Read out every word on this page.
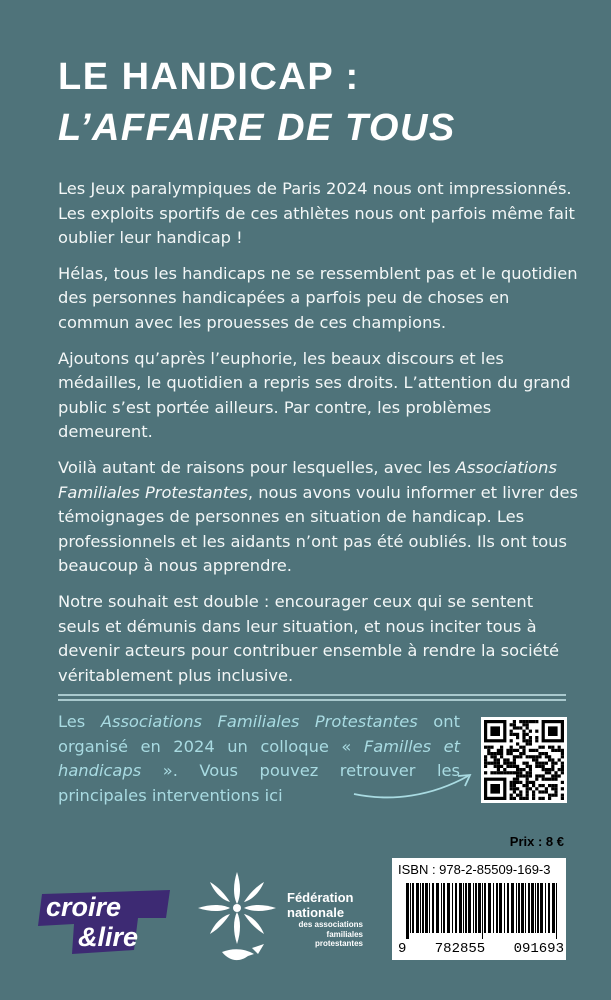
LE HANDICAP :
L’AFFAIRE DE TOUS

Les Jeux paralympiques de Paris 2024 nous ont impressionnés. Les exploits sportifs de ces athlètes nous ont parfois même fait oublier leur handicap !

Hélas, tous les handicaps ne se ressemblent pas et le quotidien des personnes handicapées a parfois peu de choses en commun avec les prouesses de ces champions.

Ajoutons qu’après l’euphorie, les beaux discours et les médailles, le quotidien a repris ses droits. L’attention du grand public s’est portée ailleurs. Par contre, les problèmes demeurent.

Voilà autant de raisons pour lesquelles, avec les Associations Familiales Protestantes, nous avons voulu informer et livrer des témoignages de personnes en situation de handicap. Les professionnels et les aidants n’ont pas été oubliés. Ils ont tous beaucoup à nous apprendre.

Notre souhait est double : encourager ceux qui se sentent seuls et démunis dans leur situation, et nous inciter tous à devenir acteurs pour contribuer ensemble à rendre la société véritablement plus inclusive.

Les Associations Familiales Protestantes ont organisé en 2024 un colloque « Familles et handicaps ». Vous pouvez retrouver les principales interventions ici
Prix : 8 €
ISBN : 978-2-85509-169-3
9 782855 091693
croire
&lire
Fédération
nationale
des associations
familiales
protestantes
